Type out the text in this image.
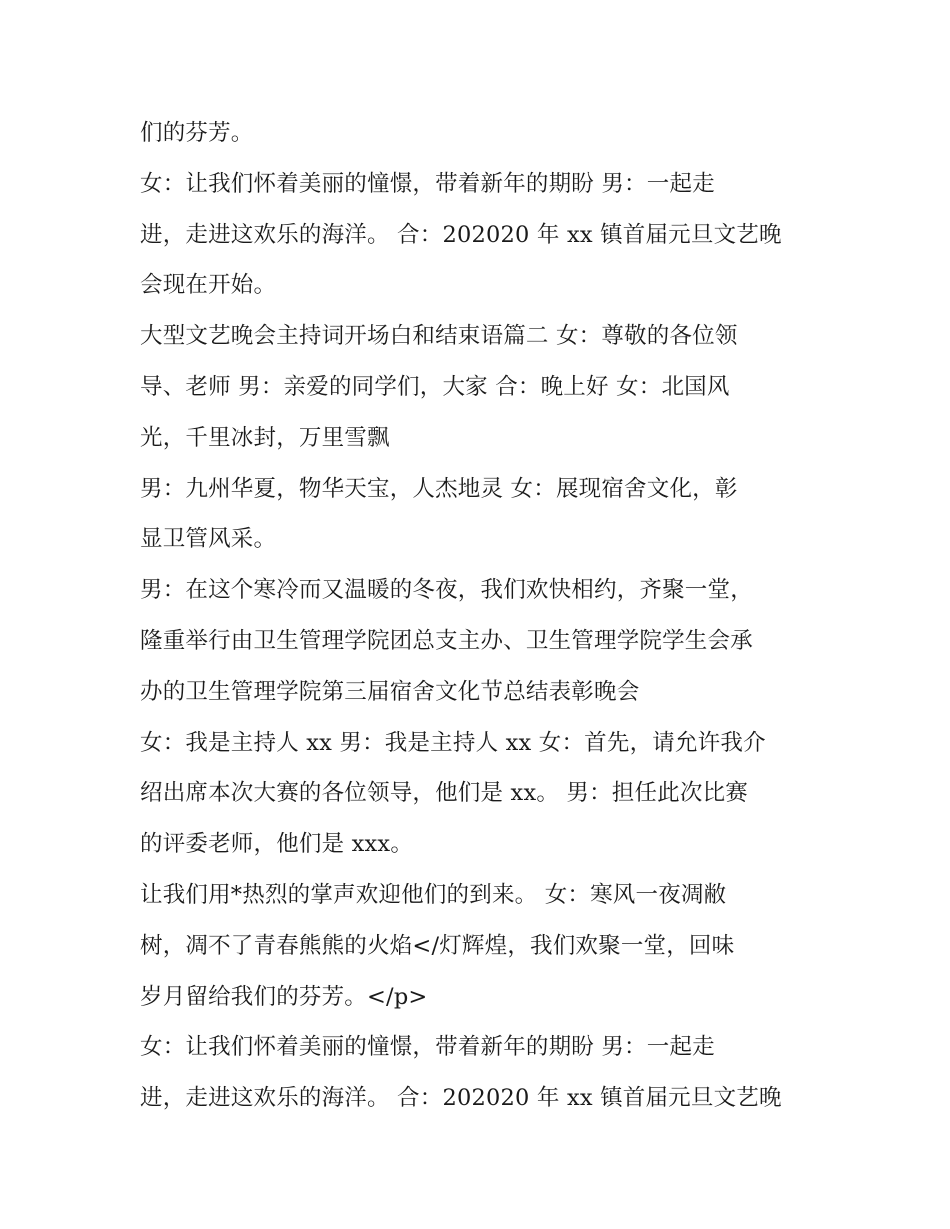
们的芬芳。
女：让我们怀着美丽的憧憬，带着新年的期盼 男：一起走
进，走进这欢乐的海洋。 合：202020 年 xx 镇首届元旦文艺晚
会现在开始。
大型文艺晚会主持词开场白和结束语篇二 女：尊敬的各位领
导、老师 男：亲爱的同学们，大家 合：晚上好 女：北国风
光，千里冰封，万里雪飘
男：九州华夏，物华天宝，人杰地灵 女：展现宿舍文化，彰
显卫管风采。
男：在这个寒冷而又温暖的冬夜，我们欢快相约，齐聚一堂，
隆重举行由卫生管理学院团总支主办、卫生管理学院学生会承
办的卫生管理学院第三届宿舍文化节总结表彰晚会
女：我是主持人 xx 男：我是主持人 xx 女：首先，请允许我介
绍出席本次大赛的各位领导，他们是 xx。 男：担任此次比赛
的评委老师，他们是 xxx。
让我们用*热烈的掌声欢迎他们的到来。 女：寒风一夜凋敝
树，凋不了青春熊熊的火焰</灯辉煌，我们欢聚一堂，回味
岁月留给我们的芬芳。</p>
女：让我们怀着美丽的憧憬，带着新年的期盼 男：一起走
进，走进这欢乐的海洋。 合：202020 年 xx 镇首届元旦文艺晚
